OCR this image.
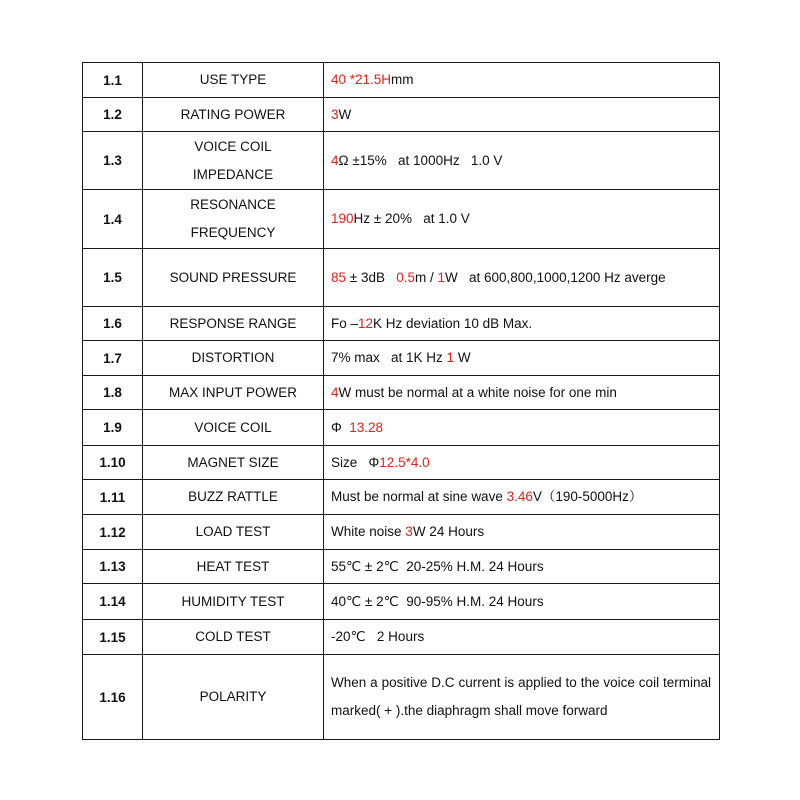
1.1	USE TYPE	40 *21.5Hmm
1.2	RATING POWER	3W
1.3	VOICE COIL IMPEDANCE	4Ω ±15%   at 1000Hz   1.0 V
1.4	RESONANCE FREQUENCY	190Hz ± 20%   at 1.0 V
1.5	SOUND PRESSURE	85 ± 3dB   0.5m / 1W   at 600,800,1000,1200 Hz averge
1.6	RESPONSE RANGE	Fo –12K Hz deviation 10 dB Max.
1.7	DISTORTION	7% max   at 1K Hz 1 W
1.8	MAX INPUT POWER	4W must be normal at a white noise for one min
1.9	VOICE COIL	Φ  13.28
1.10	MAGNET SIZE	Size   Φ12.5*4.0
1.11	BUZZ RATTLE	Must be normal at sine wave 3.46V（190-5000Hz）
1.12	LOAD TEST	White noise 3W 24 Hours
1.13	HEAT TEST	55℃ ± 2℃  20-25% H.M. 24 Hours
1.14	HUMIDITY TEST	40℃ ± 2℃  90-95% H.M. 24 Hours
1.15	COLD TEST	-20℃   2 Hours
1.16	POLARITY	When a positive D.C current is applied to the voice coil terminal marked( + ).the diaphragm shall move forward
